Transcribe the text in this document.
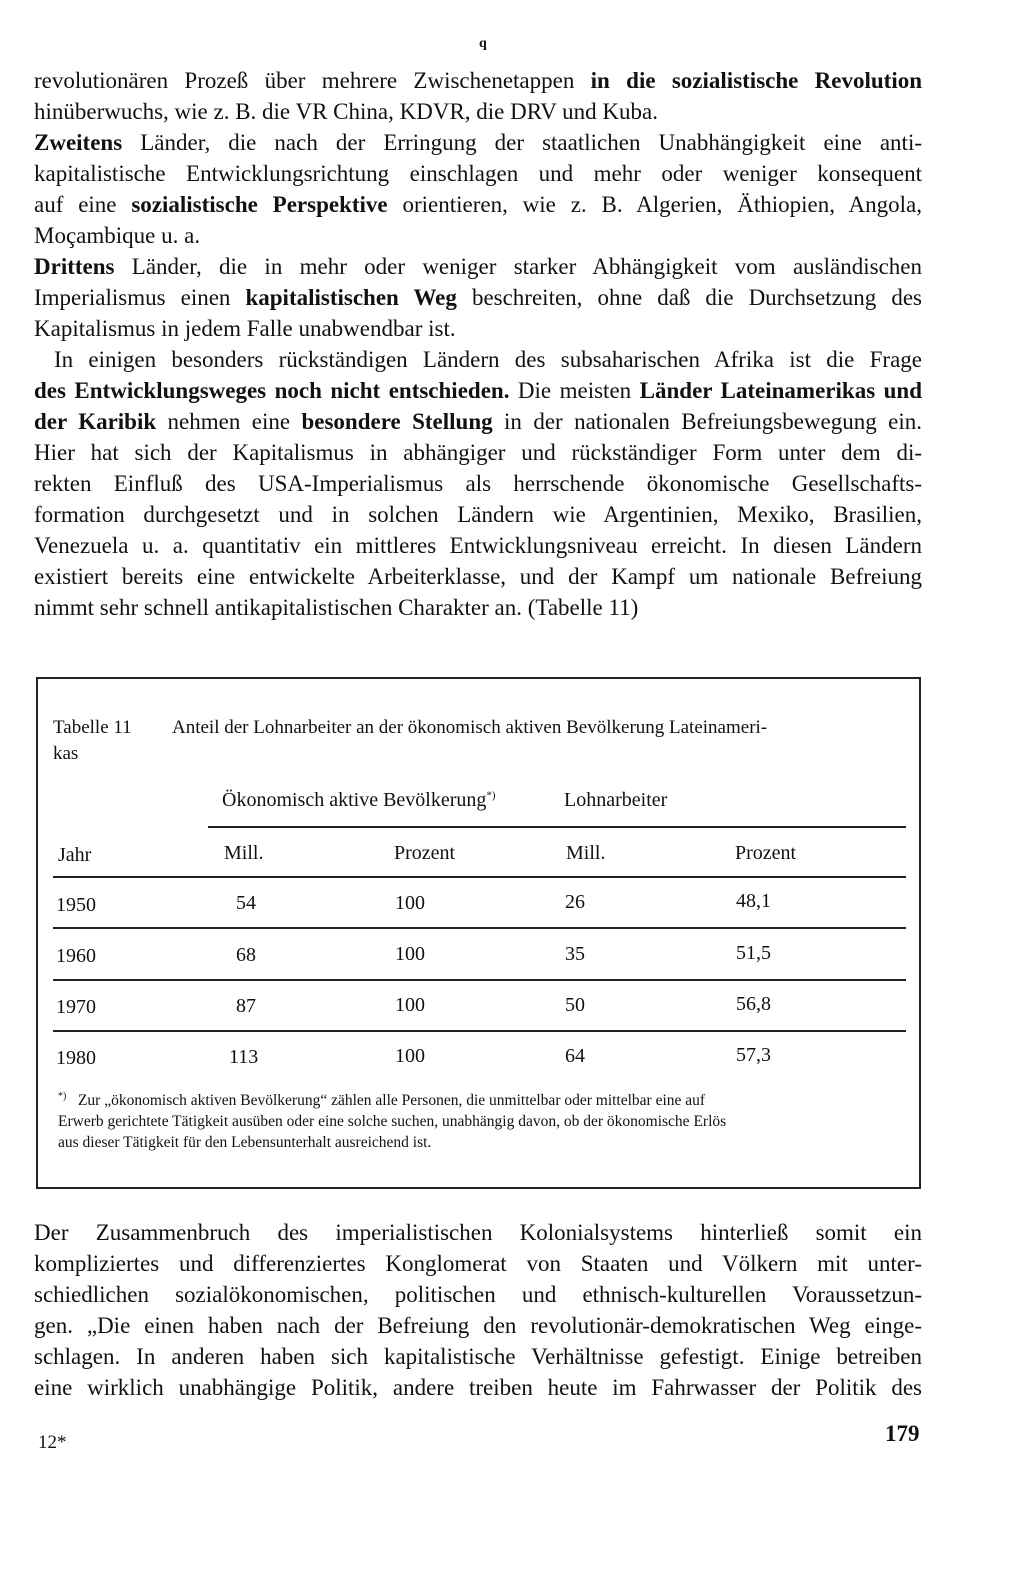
q
revolutionären Prozeß über mehrere Zwischenetappen in die sozialistische Revolution
hinüberwuchs, wie z. B. die VR China, KDVR, die DRV und Kuba.
Zweitens Länder, die nach der Erringung der staatlichen Unabhängigkeit eine anti-
kapitalistische Entwicklungsrichtung einschlagen und mehr oder weniger konsequent
auf eine sozialistische Perspektive orientieren, wie z. B. Algerien, Äthiopien, Angola,
Moçambique u. a.
Drittens Länder, die in mehr oder weniger starker Abhängigkeit vom ausländischen
Imperialismus einen kapitalistischen Weg beschreiten, ohne daß die Durchsetzung des
Kapitalismus in jedem Falle unabwendbar ist.
In einigen besonders rückständigen Ländern des subsaharischen Afrika ist die Frage
des Entwicklungsweges noch nicht entschieden. Die meisten Länder Lateinamerikas und
der Karibik nehmen eine besondere Stellung in der nationalen Befreiungsbewegung ein.
Hier hat sich der Kapitalismus in abhängiger und rückständiger Form unter dem di-
rekten Einfluß des USA-Imperialismus als herrschende ökonomische Gesellschafts-
formation durchgesetzt und in solchen Ländern wie Argentinien, Mexiko, Brasilien,
Venezuela u. a. quantitativ ein mittleres Entwicklungsniveau erreicht. In diesen Ländern
existiert bereits eine entwickelte Arbeiterklasse, und der Kampf um nationale Befreiung
nimmt sehr schnell antikapitalistischen Charakter an. (Tabelle 11)
Tabelle 11 Anteil der Lohnarbeiter an der ökonomisch aktiven Bevölkerung Lateinameri-
kas
Ökonomisch aktive Bevölkerung*)	Lohnarbeiter
Jahr	Mill.	Prozent	Mill.	Prozent
1950	54	100	26	48,1
1960	68	100	35	51,5
1970	87	100	50	56,8
1980	113	100	64	57,3
*) Zur „ökonomisch aktiven Bevölkerung“ zählen alle Personen, die unmittelbar oder mittelbar eine auf
Erwerb gerichtete Tätigkeit ausüben oder eine solche suchen, unabhängig davon, ob der ökonomische Erlös
aus dieser Tätigkeit für den Lebensunterhalt ausreichend ist.
Der Zusammenbruch des imperialistischen Kolonialsystems hinterließ somit ein
kompliziertes und differenziertes Konglomerat von Staaten und Völkern mit unter-
schiedlichen sozialökonomischen, politischen und ethnisch-kulturellen Voraussetzun-
gen. „Die einen haben nach der Befreiung den revolutionär-demokratischen Weg einge-
schlagen. In anderen haben sich kapitalistische Verhältnisse gefestigt. Einige betreiben
eine wirklich unabhängige Politik, andere treiben heute im Fahrwasser der Politik des
12*	179
